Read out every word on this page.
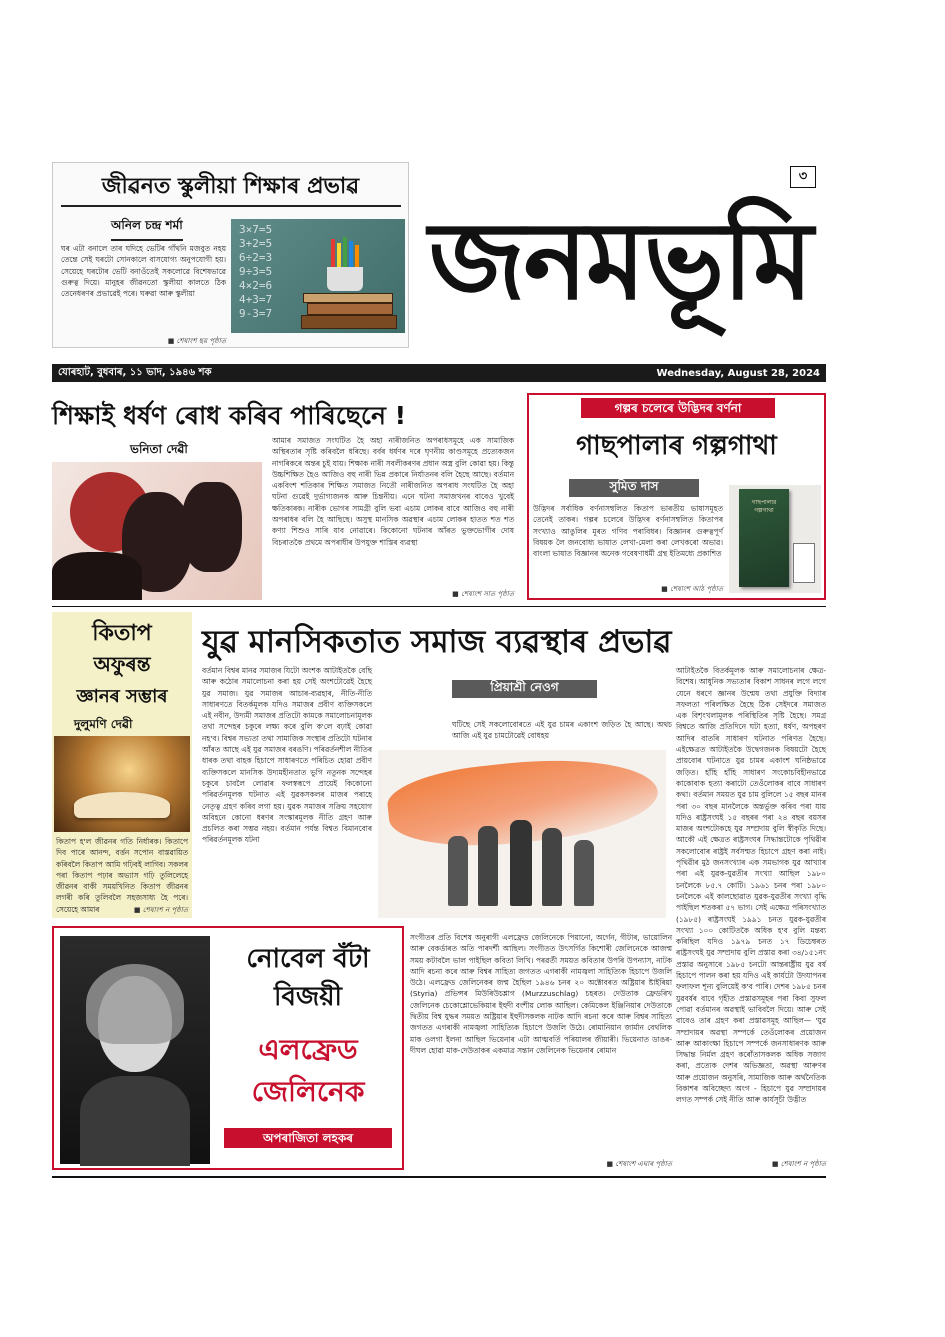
৩
জীৱনত স্কুলীয়া শিক্ষাৰ প্ৰভাৱ
অনিল চন্দ্ৰ শৰ্মা
ঘৰ এটা বনালে তাৰ ঘদিহে ভেটিৰ গাঁথনি মজবুত নহয় তেন্তে সেই ঘৰটো সোনকালে বাসযোগ্য অনুপযোগী হয়। সেয়েহে ঘৰটোৰ ভেটি বনাওঁতেই সকলোৱে বিশেষভাৱে গুৰুত্ব দিয়ে। মানুহৰ জীৱনতো স্কুলীয়া কালতে ঠিক তেনেধৰণৰ প্ৰভাৱেই পৰে। ঘৰুৱা আৰু স্কুলীয়া
■ শেষাংশ ছয় পৃষ্ঠাত
3×7=5
3+2=5
6÷2=3
9÷3=5
4×2=6
4+3=7
9-3=7 জনমভূমি
যোৰহাট, বুধবাৰ, ১১ ভাদ, ১৯৪৬ শক	Wednesday, August 28, 2024
শিক্ষাই ধৰ্ষণ ৰোধ কৰিব পাৰিছেনে !
ভনিতা দেৱী
আমাৰ সমাজত সংঘটিত হৈ অহা নাৰীজনিত অপৰাধসমূহে এক সামাজিক অস্থিৰতাৰ সৃষ্টি কৰিবলৈ ধৰিছে। বৰ্বৰ ধৰ্ষণৰ দৰে ঘৃণনীয় কাণ্ডসমূহে প্ৰত্যেকজন নাগৰিকৰে অন্তৰ চুই যায়। শিক্ষাক নাৰী সবলীকৰণৰ প্ৰধান অস্ত্ৰ বুলি কোৱা হয়। কিন্তু উচ্চশিক্ষিত হৈও আজিও বহু নাৰী ভিন্ন প্ৰকাৰে নিৰ্যাতনৰ বলি হৈছে আছে। বৰ্তমান একবিংশ শতিকাৰ শিক্ষিত সমাজত নিতৌ নাৰীজনিত অপৰাধ সংঘটিত হৈ অহা ঘটনা গুৱেই দুৰ্ভাগ্যজনক আৰু চিন্তনীয়। এনে ঘটনা সমাজখনৰ বাবেও খুবেই ক্ষতিকাৰক। নাৰীক ভোগৰ সামগ্ৰী বুলি ভবা এচাম লোকৰ বাবে আজিও বহু নাৰী অপৰাধৰ বলি হৈ আছিছে। অসুস্থ মানসিক অৱস্থাৰ এচাম লোকৰ হাতত শত শত কণ্যা শিশুও সাৰি যাব নোৱাৰে। কিকোনো ঘটনাৰ আঁৰত ভুক্তভোগীৰ দোষ বিচৰাতকৈ প্ৰথমে অপৰাধীৰ উপযুক্ত শাস্তিৰ ব্যৱস্থা
■ শেষাংশ সাত পৃষ্ঠাত
গল্পৰ চলেৰে উদ্ভিদৰ বৰ্ণনা
গাছপালাৰ গল্পগাথা
সুমিত দাস
উদ্ভিদৰ সৰ্বাধিক বৰ্ণনাসম্বলিত কিতাপ ভাৰতীয় ভাষাসমূহত তেনেই তাকৰ। গল্পৰ চলেৰে উদ্ভিদৰ বৰ্ণনাসম্বলিত কিতাপৰ সংখ্যাও আঙুলিৰ মূৰত গণিব পৰাবিধৰ। বিজ্ঞানৰ গুৰুত্বপূৰ্ণ বিষয়ক লৈ জনবোধ্য ভাষাত লেখা-মেলা কৰা লেখকৰো অভাৱ। বাংলা ভাষাত বিজ্ঞানৰ অনেক গবেষণাধৰ্মী গ্ৰন্থ ইতিমধ্যে প্ৰকাশিত
■ শেষাংশ আঠ পৃষ্ঠাত
গাছপালার গল্পগাথা
কিতাপ
অফুৰন্ত
জ্ঞানৰ সম্ভাৰ
দুলুমণি দেৱী
কিতাপ হ'ল জীৱনৰ গতি নিৰ্ধাৰক। কিতাপে দিব পাৰে আনন্দ, বৰ্ত্তন সপোন বাস্তৱায়িত কৰিবলৈ কিতাপ আমি গঢ়িবই লাগিব। সকলৰ পৰা কিতাপ পঢ়াৰ অভ্যাস গঢ়ি তুলিলেহে জীৱনৰ বাকী সময়খিনিত কিতাপ জীৱনৰ লগৰী কৰি তুলিবলৈ সহজসাধ্য হৈ পৰে। সেয়েহে আমাৰ	■ শেষাংশ ন পৃষ্ঠাত
যুৱ মানসিকতাত সমাজ ব্যৱস্থাৰ প্ৰভাৱ
প্ৰিয়াশ্ৰী নেওগ
বৰ্তমান বিশ্বৰ মানৱ সমাজৰ যিটো অংশক আটাইতকৈ বেছি আৰু কঠোৰ সমালোচনা কৰা হয় সেই অংশটোৱেই হৈছে যুৱ সমাজ। যুৱ সমাজৰ আচাৰ-ব্যৱহাৰ, নীতি-নীতি সাধাৰণতে বিতৰ্কমূলক যদিও সমাজৰ প্ৰবীণ ব্যক্তিসকলে এই নবীন, উদ্যমী সমাজৰ প্ৰতিটো কামকে সমালোচনামূলক তথা সন্দেহৰ চকুৰে লক্ষ্য কৰে বুলি ক'লে বঢ়াই কোৱা নহ'ব। বিশ্বৰ সভ্যতা তথা সামাজিক সংস্থাৰ প্ৰতিটো ঘটনাৰ আঁৰত আছে এই যুৱ সমাজৰ বৰঙণি। পৰিৱৰ্তনশীল নীতিৰ ধাৰক তথা বাহক হিচাপে সাধাৰণতে পৰিচিত হোৱা প্ৰবীণ ব্যক্তিসকলে মানসিক উদ্যমহীনতাত ভুগি নতুনক সন্দেহৰ চকুৰে চাবলৈ লোৱাৰ ফলস্বৰূপে প্ৰায়েই কিকোনো পৰিৱৰ্তনমূলক ঘটনাত এই যুৱকসকলৰ মাজৰ পৰাহে নেতৃত্ব গ্ৰহণ কৰিব লগা হয়। যুৱক সমাজৰ সক্ৰিয় সহযোগ অবিহনে কোনো ধৰণৰ সংস্কাৰমূলক নীতি গ্ৰহণ আৰু প্ৰচলিত কৰা সম্ভৱ নহয়। বৰ্তমান পৰ্যন্ত বিশ্বত বিমানবোৰ পৰিৱৰ্তনমূলক যটনা
ঘটিছে সেই সকলোবোৰতে এই যুৱ চামৰ একাংশ জড়িত হৈ আছে। অথচ আজি এই যুৱ চামটোৱেই বোধহয়
আটাইতকৈ বিতৰ্কমূলক আৰু সমালোচনাৰ ক্ষেত্ৰ-বিশেষ। আধুনিক সভ্যতাৰ বিকাশ সাধনৰ লগে লগে যেনে ধৰণে জ্ঞানৰ উন্মেষ তথা প্ৰযুক্তি বিদ্যাৰ সফলতা পৰিলক্ষিত হৈছে ঠিক সেইদৰে সমাজত এক বিশৃংখলামূলক পৰিস্থিতিৰ সৃষ্টি হৈছে। সমগ্ৰ বিশ্বতে আজি প্ৰতিদিনে ঘটা হত্যা, ধৰ্ষণ, অপহৰণ আদিৰ বাতৰি সাধাৰণ ঘটনাত পৰিণত হৈছে। এইক্ষেত্ৰত আটাইতকৈ উদ্বেগজনক বিষয়টো হৈছে প্ৰায়বোৰ ঘটনাতে যুৱ চামৰ একাংশ ঘনিষ্ঠভাৱে জড়িত। হাঁহি হাঁহি সাধাৰণ সংকোচবিহীনভাৱে কাকোবাক হত্যা কৰাটো তেওঁলোকৰ বাবে সাধাৰণ কথা। বৰ্তমান সময়ত যুৱ চাম বুলিলে ১৫ বছৰ মানৰ পৰা ৩০ বছৰ মানলৈকে অন্তৰ্ভুক্ত কৰিব পৰা যায় যদিও ৰাষ্ট্ৰসংঘই ১৫ বছৰৰ পৰা ২৪ বছৰ বয়সৰ মাজৰ অংশটোকহে যুৱ সম্প্ৰদায় বুলি স্বীকৃতি দিছে। আকৌ এই ক্ষেত্ৰত ৰাষ্ট্ৰসংঘৰ সিদ্ধান্তটোকে পৃথিৱীৰ সকলোবোৰ ৰাষ্ট্ৰই সৰ্বসম্মত হিচাপে গ্ৰহণ কৰা নাই। পৃথিৱীৰ মুঠ জনসংখ্যাৰ এক সমভাগক যুৱ আখ্যাৰ পৰা এই যুৱক-যুৱতীৰ সংখ্যা আছিল ১৯৮০ চনলৈকে ৮৫.৭ কোটি। ১৯৬১ চনৰ পৰা ১৯৮০ চনলৈকে এই কালছোৱাত যুৱক-যুৱতীৰ সংখ্যা বৃদ্ধি পাইছিল শতকৰা ৫৭ ভাগ। সেই এক্ষেত্ৰ পৰিসংখ্যাত (১৯৮৫) ৰাষ্ট্ৰসংঘই ১৯৯১ চনত যুৱক-যুৱতীৰ সংখ্যা ১০০ কোটিতকৈ অধিক হ'ব বুলি মন্তব্য কৰিছিল যদিও ১৯৭৯ চনত ১৭ ডিচেম্বৰত ৰাষ্ট্ৰসংঘই যুৱ সম্প্ৰদায় বুলি প্ৰস্তাৱ কৰা ৩৪/১৫১নং প্ৰস্তাৱ অনুসাৰে ১৯৮৫ চনটো আন্তৰাষ্ট্ৰীয় যুৱ বৰ্ষ হিচাপে পালন কৰা হয় যদিও এই কাৰ্যটো উদযাপনৰ ফলাফল শূন্য বুলিয়েই ক'ব পাৰি। দেশৰ ১৯৮৫ চনৰ যুৱবৰ্ষৰ বাবে গৃহীত প্ৰস্তাৱসমূহৰ পৰা কিবা সুফল পোৱা বৰ্তমানৰ অৱস্থাই ভাবিবলৈ দিয়ে। আৰু সেই বাবেও তাৰ গ্ৰহণ কৰা প্ৰস্তাৱসমূহ আছিল— 'যুৱ সম্প্ৰদায়ৰ অৱস্থা সম্পৰ্কে তেওঁলোকৰ প্ৰয়োজন আৰু আকাংক্ষা হিচাপে সম্পৰ্কে জনসাধাৰণক আৰু সিদ্ধান্ত নিৰ্মল গ্ৰহণ কৰোঁতাসকলক অধিক সজাগ কৰা, প্ৰত্যেক দেশৰ অভিজ্ঞতা, অৱস্থা আৰুণৰ আৰু প্ৰয়োজন অনুসৰি, সামাজিক আৰু অৰ্থনৈতিক বিকাশৰ অবিচ্ছেদ্য অংগ - হিচাপে যুৱ সম্প্ৰদায়ৰ লগত সম্পৰ্ক সেই নীতি আৰু কাৰ্যসূচী উদ্ভীত
নোবেল বঁটা
বিজয়ী
এলফ্ৰেড
জেলিনেক
অপৰাজিতা লহকৰ
সংগীতৰ প্ৰতি বিশেষ অনুৰাগী এলফ্ৰেড জেলিনেকে পিয়ানো, অৰ্গেন, গীটাৰ, ভায়োলিন আৰু বেকৰ্ডাৰত অতি পাৰদৰ্শী আছিল। সংগীতত উৎসৰ্গিত কিশোৰী জেলিনেকে আজন্ম সময় কটাবলৈ ভাল পাইছিল কবিতা লিখি। পৰৱৰ্তী সময়ত কবিতাৰ উপৰি উপন্যাস, নাটক আদি ৰচনা কৰে আৰু বিশ্বৰ সাহিত্য জগতত এগৰাকী নামজ্বলা সাহিত্যিক হিচাপে উজলি উঠে। এলফ্ৰেড জেলিনেকৰ জন্ম হৈছিল ১৯৪৬ চনৰ ২০ অক্টোবৰত অষ্ট্ৰিয়াৰ ষ্টাইৰিয়া (Styria) প্ৰভিন্সৰ মিউৰিউচশ্লাগ (Murzzuschlag) চহৰত। দেউতাক ফ্ৰেডৰিখ জেলিনেক চেকোশ্লোভেকিয়াৰ ইহুদী বংশীয় লোক আছিল। কেমিকেল ইঞ্জিনিয়াৰ দেউতাকে দ্বিতীয় বিশ্ব যুদ্ধৰ সময়ত অষ্ট্ৰিয়াৰ ইহুদীসকলক নাটক আদি ৰচনা কৰে আৰু বিশ্বৰ সাহিত্য জগতত এগৰাকী নামজ্বলা সাহিত্যিক হিচাপে উজলি উঠে। ৰোমানিয়ান জাৰ্মান বেথলিক মাক ওলগা ইলনা আছিল ভিয়েনাৰ এটা আত্মবৰ্তি পৰিয়ালৰ জীয়াৰী। ভিয়েনাত ডাঙৰ-দীঘল হোৱা মাক-দেউতাকৰ একমাত্ৰ সন্তান জেলিনেক ভিয়েনাৰ ৰোমান
■ শেষাংশ এঘাৰ পৃষ্ঠাত	■ শেষাংশ ন পৃষ্ঠাত
